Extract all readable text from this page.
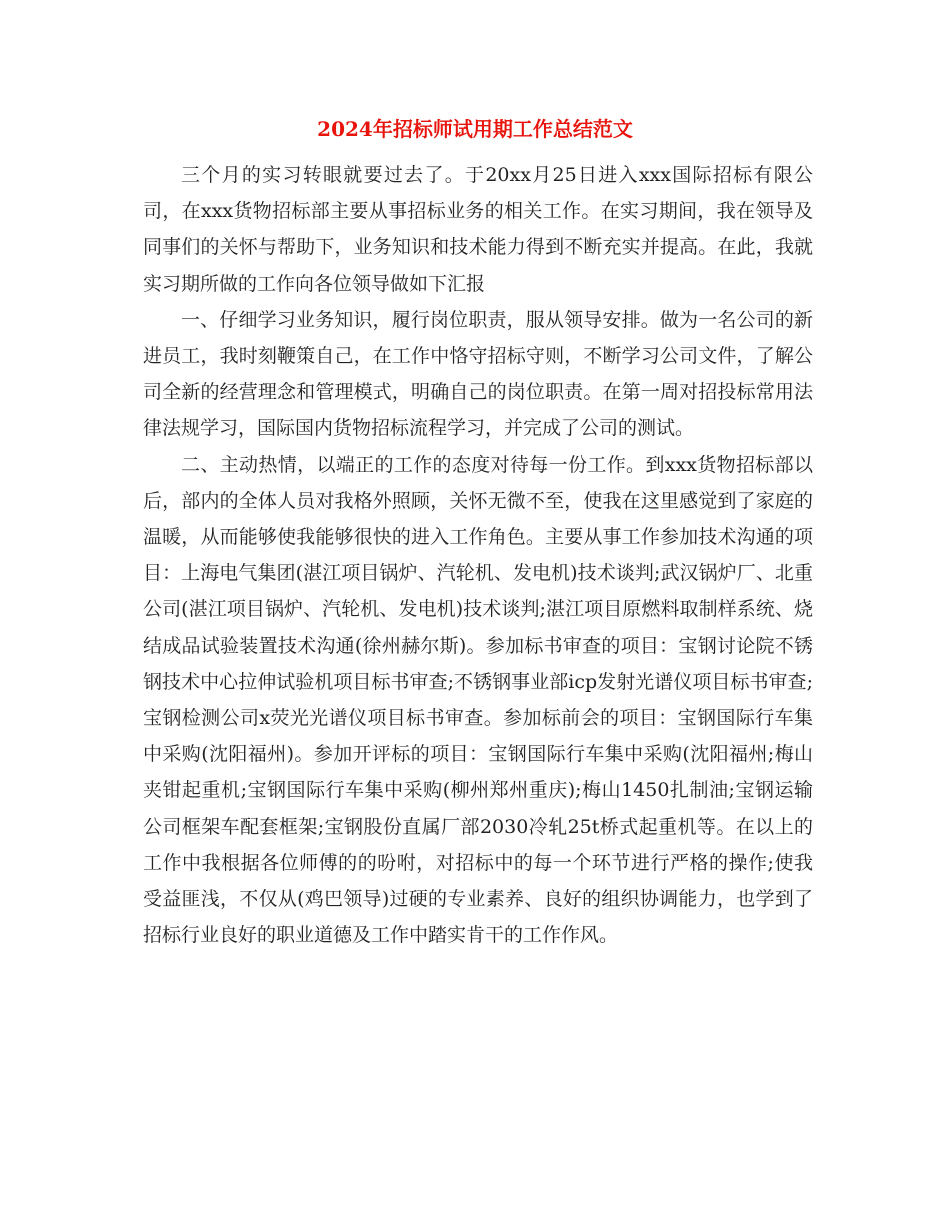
2024年招标师试用期工作总结范文

三个月的实习转眼就要过去了。于20xx月25日进入xxx国际招标有限公司，在xxx货物招标部主要从事招标业务的相关工作。在实习期间，我在领导及同事们的关怀与帮助下，业务知识和技术能力得到不断充实并提高。在此，我就实习期所做的工作向各位领导做如下汇报

一、仔细学习业务知识，履行岗位职责，服从领导安排。做为一名公司的新进员工，我时刻鞭策自己，在工作中恪守招标守则，不断学习公司文件，了解公司全新的经营理念和管理模式，明确自己的岗位职责。在第一周对招投标常用法律法规学习，国际国内货物招标流程学习，并完成了公司的测试。

二、主动热情，以端正的工作的态度对待每一份工作。到xxx货物招标部以后，部内的全体人员对我格外照顾，关怀无微不至，使我在这里感觉到了家庭的温暖，从而能够使我能够很快的进入工作角色。主要从事工作参加技术沟通的项目：上海电气集团(湛江项目锅炉、汽轮机、发电机)技术谈判;武汉锅炉厂、北重公司(湛江项目锅炉、汽轮机、发电机)技术谈判;湛江项目原燃料取制样系统、烧结成品试验装置技术沟通(徐州赫尔斯)。参加标书审查的项目：宝钢讨论院不锈钢技术中心拉伸试验机项目标书审查;不锈钢事业部icp发射光谱仪项目标书审查;宝钢检测公司x荧光光谱仪项目标书审查。参加标前会的项目：宝钢国际行车集中采购(沈阳福州)。参加开评标的项目：宝钢国际行车集中采购(沈阳福州;梅山夹钳起重机;宝钢国际行车集中采购(柳州郑州重庆);梅山1450扎制油;宝钢运输公司框架车配套框架;宝钢股份直属厂部2030冷轧25t桥式起重机等。在以上的工作中我根据各位师傅的的吩咐，对招标中的每一个环节进行严格的操作;使我受益匪浅，不仅从(鸡巴领导)过硬的专业素养、良好的组织协调能力，也学到了招标行业良好的职业道德及工作中踏实肯干的工作作风。
